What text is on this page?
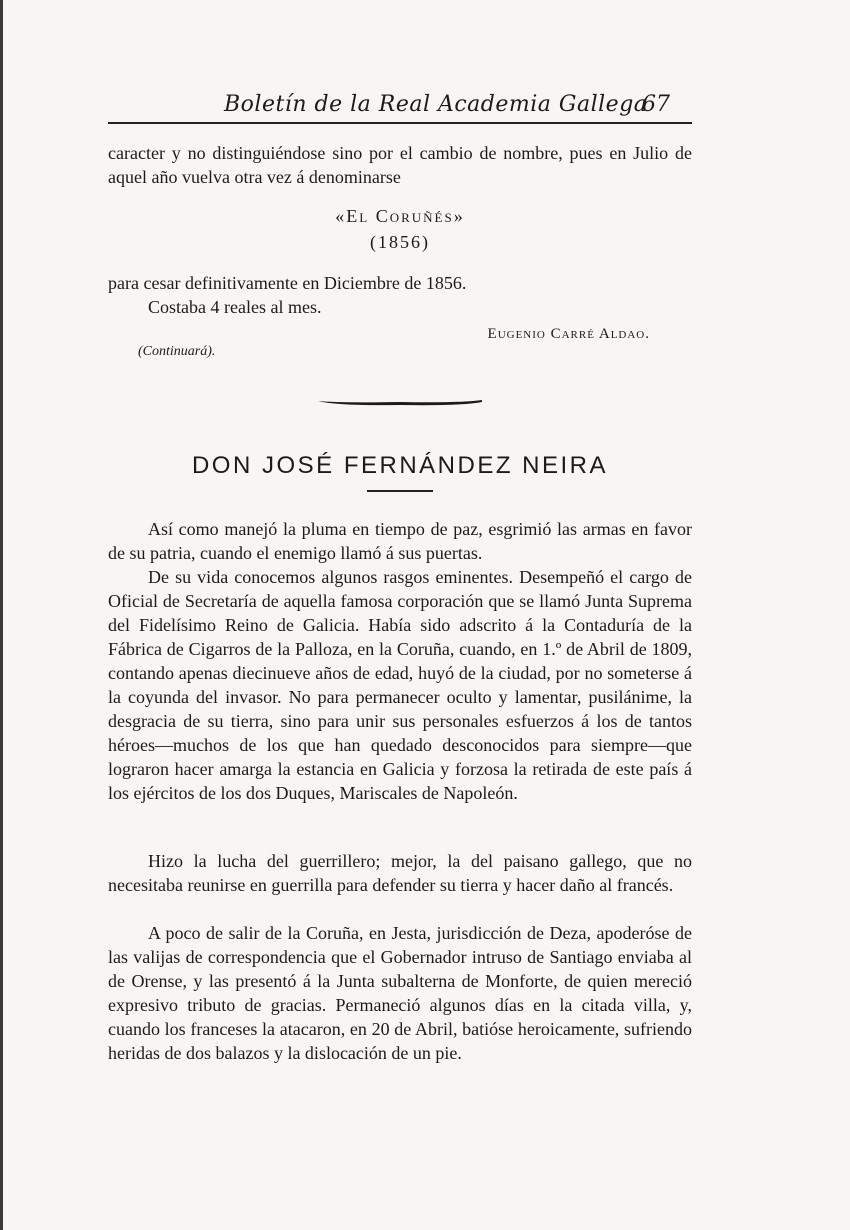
Boletín de la Real Academia Gallega
67

caracter y no distinguiéndose sino por el cambio de nombre, pues en Julio de aquel año vuelva otra vez á denominarse

«El Coruñés»
(1856)

para cesar definitivamente en Diciembre de 1856.

Costaba 4 reales al mes.

Eugenio Carré Aldao.
(Continuará).
DON JOSÉ FERNÁNDEZ NEIRA

Así como manejó la pluma en tiempo de paz, esgrimió las armas en favor de su patria, cuando el enemigo llamó á sus puertas.

De su vida conocemos algunos rasgos eminentes. Desempeñó el cargo de Oficial de Secretaría de aquella famosa corporación que se llamó Junta Suprema del Fidelísimo Reino de Galicia. Había sido adscrito á la Contaduría de la Fábrica de Cigarros de la Palloza, en la Coruña, cuando, en 1.º de Abril de 1809, contando apenas diecinueve años de edad, huyó de la ciudad, por no someterse á la coyunda del invasor. No para permanecer oculto y lamentar, pusilánime, la desgracia de su tierra, sino para unir sus personales esfuerzos á los de tantos héroes—muchos de los que han quedado desconocidos para siempre—que lograron hacer amarga la estancia en Galicia y forzosa la retirada de este país á los ejércitos de los dos Duques, Mariscales de Napoleón.

Hizo la lucha del guerrillero; mejor, la del paisano gallego, que no necesitaba reunirse en guerrilla para defender su tierra y hacer daño al francés.

A poco de salir de la Coruña, en Jesta, jurisdicción de Deza, apoderóse de las valijas de correspondencia que el Gobernador intruso de Santiago enviaba al de Orense, y las presentó á la Junta subalterna de Monforte, de quien mereció expresivo tributo de gracias. Permaneció algunos días en la citada villa, y, cuando los franceses la atacaron, en 20 de Abril, batióse heroicamente, sufriendo heridas de dos balazos y la dislocación de un pie.
